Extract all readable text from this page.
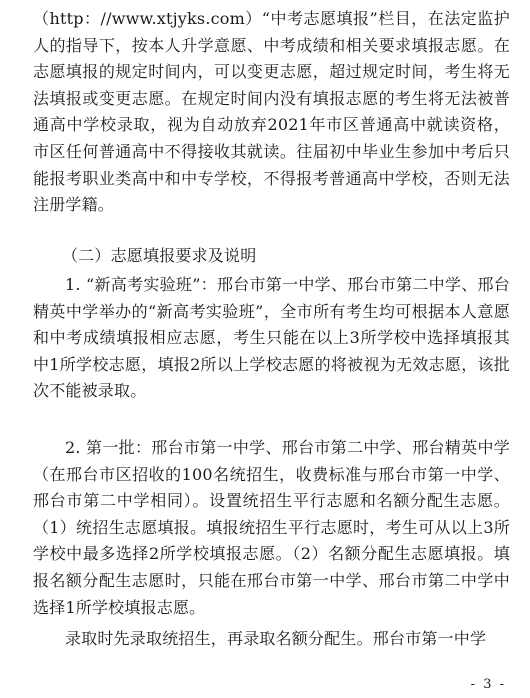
（http：//www.xtjyks.com）“中考志愿填报”栏目，在法定监护人的指导下，按本人升学意愿、中考成绩和相关要求填报志愿。在志愿填报的规定时间内，可以变更志愿，超过规定时间，考生将无法填报或变更志愿。在规定时间内没有填报志愿的考生将无法被普通高中学校录取，视为自动放弃2021年市区普通高中就读资格，市区任何普通高中不得接收其就读。往届初中毕业生参加中考后只能报考职业类高中和中专学校，不得报考普通高中学校，否则无法注册学籍。

（二）志愿填报要求及说明

1. “新高考实验班”：邢台市第一中学、邢台市第二中学、邢台精英中学举办的“新高考实验班”，全市所有考生均可根据本人意愿和中考成绩填报相应志愿，考生只能在以上3所学校中选择填报其中1所学校志愿，填报2所以上学校志愿的将被视为无效志愿，该批次不能被录取。

2. 第一批：邢台市第一中学、邢台市第二中学、邢台精英中学（在邢台市区招收的100名统招生，收费标准与邢台市第一中学、邢台市第二中学相同）。设置统招生平行志愿和名额分配生志愿。（1）统招生志愿填报。填报统招生平行志愿时，考生可从以上3所学校中最多选择2所学校填报志愿。（2）名额分配生志愿填报。填报名额分配生志愿时，只能在邢台市第一中学、邢台市第二中学中选择1所学校填报志愿。

录取时先录取统招生，再录取名额分配生。邢台市第一中学

- 3 -
